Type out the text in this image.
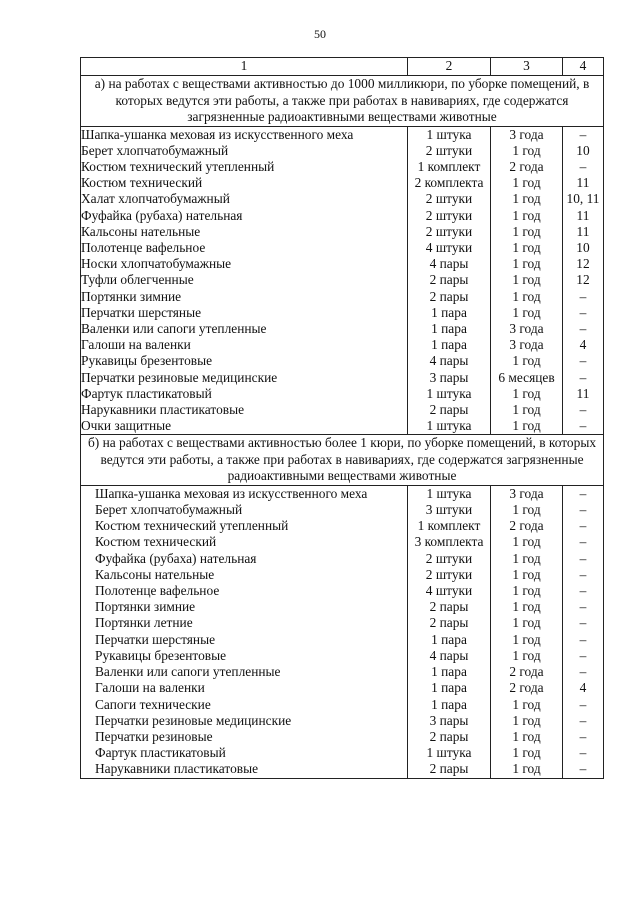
50
1	2	3	4
а) на работах с веществами активностью до 1000 милликюри, по уборке помещений, в которых ведутся эти работы, а также при работах в навивариях, где содержатся загрязненные радиоактивными веществами животные			
Шапка-ушанка меховая из искусственного меха	1 штука	3 года	–
Берет хлопчатобумажный	2 штуки	1 год	10
Костюм технический утепленный	1 комплект	2 года	–
Костюм технический	2 комплекта	1 год	11
Халат хлопчатобумажный	2 штуки	1 год	10, 11
Фуфайка (рубаха) нательная	2 штуки	1 год	11
Кальсоны нательные	2 штуки	1 год	11
Полотенце вафельное	4 штуки	1 год	10
Носки хлопчатобумажные	4 пары	1 год	12
Туфли облегченные	2 пары	1 год	12
Портянки зимние	2 пары	1 год	–
Перчатки шерстяные	1 пара	1 год	–
Валенки или сапоги утепленные	1 пара	3 года	–
Галоши на валенки	1 пара	3 года	4
Рукавицы брезентовые	4 пары	1 год	–
Перчатки резиновые медицинские	3 пары	6 месяцев	–
Фартук пластикатовый	1 штука	1 год	11
Нарукавники пластикатовые	2 пары	1 год	–
Очки защитные	1 штука	1 год	–
б) на работах с веществами активностью более 1 кюри, по уборке помещений, в которых ведутся эти работы, а также при работах в навивариях, где содержатся загрязненные радиоактивными веществами животные			
Шапка-ушанка меховая из искусственного меха	1 штука	3 года	–
Берет хлопчатобумажный	3 штуки	1 год	–
Костюм технический утепленный	1 комплект	2 года	–
Костюм технический	3 комплекта	1 год	–
Фуфайка (рубаха) нательная	2 штуки	1 год	–
Кальсоны нательные	2 штуки	1 год	–
Полотенце вафельное	4 штуки	1 год	–
Портянки зимние	2 пары	1 год	–
Портянки летние	2 пары	1 год	–
Перчатки шерстяные	1 пара	1 год	–
Рукавицы брезентовые	4 пары	1 год	–
Валенки или сапоги утепленные	1 пара	2 года	–
Галоши на валенки	1 пара	2 года	4
Сапоги технические	1 пара	1 год	–
Перчатки резиновые медицинские	3 пары	1 год	–
Перчатки резиновые	2 пары	1 год	–
Фартук пластикатовый	1 штука	1 год	–
Нарукавники пластикатовые	2 пары	1 год	–
